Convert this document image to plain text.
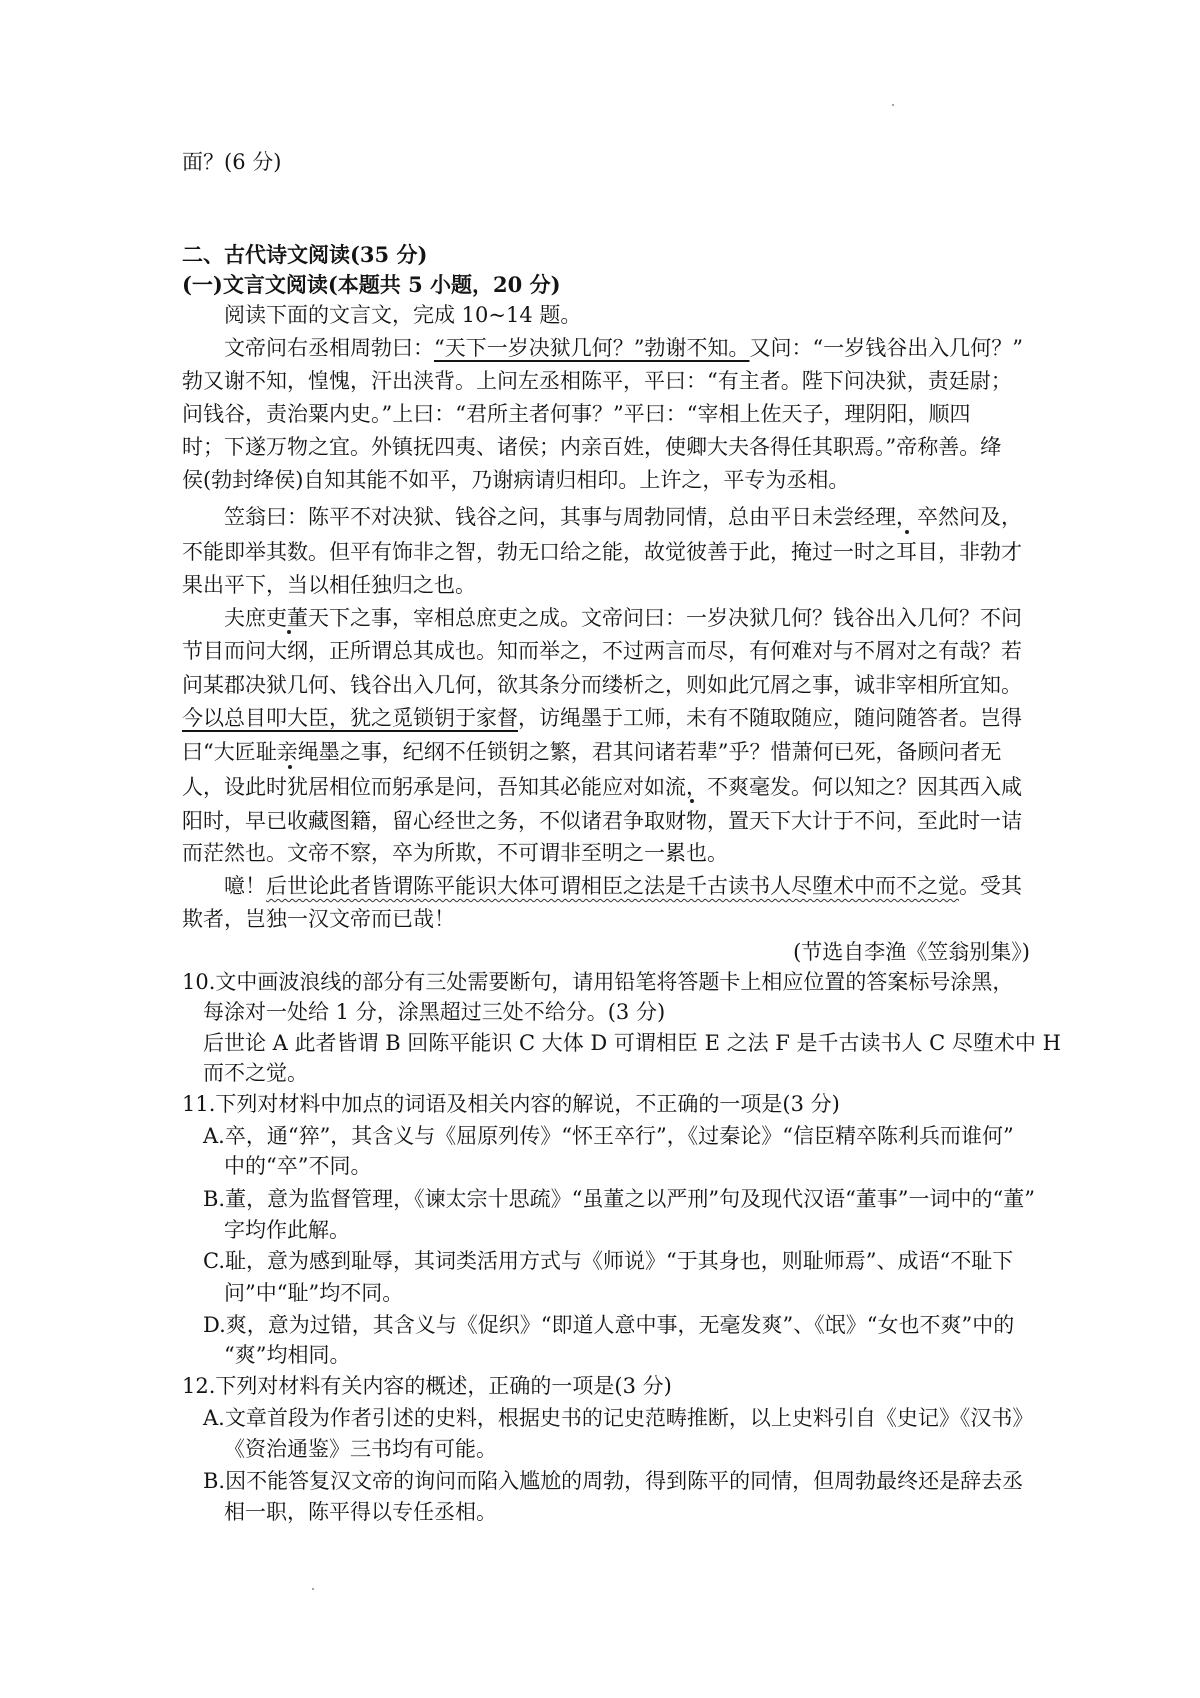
面？(6 分)
二、古代诗文阅读(35 分)
(一)文言文阅读(本题共 5 小题，20 分)
阅读下面的文言文，完成 10~14 题。
文帝问右丞相周勃曰：“天下一岁决狱几何？”勃谢不知。又问：“一岁钱谷出入几何？”
勃又谢不知，惶愧，汗出浃背。上问左丞相陈平，平曰：“有主者。陛下问决狱，责廷尉；
问钱谷，责治粟内史。”上曰：“君所主者何事？”平曰：“宰相上佐天子，理阴阳，顺四
时；下遂万物之宜。外镇抚四夷、诸侯；内亲百姓，使卿大夫各得任其职焉。”帝称善。绛
侯(勃封绛侯)自知其能不如平，乃谢病请归相印。上许之，平专为丞相。
笠翁曰：陈平不对决狱、钱谷之问，其事与周勃同情，总由平日未尝经理，卒然问及，
不能即举其数。但平有饰非之智，勃无口给之能，故觉彼善于此，掩过一时之耳目，非勃才
果出平下，当以相任独归之也。
夫庶吏董天下之事，宰相总庶吏之成。文帝问曰：一岁决狱几何？钱谷出入几何？不问
节目而问大纲，正所谓总其成也。知而举之，不过两言而尽，有何难对与不屑对之有哉？若
问某郡决狱几何、钱谷出入几何，欲其条分而缕析之，则如此冗屑之事，诚非宰相所宜知。
今以总目叩大臣，犹之觅锁钥于家督，访绳墨于工师，未有不随取随应，随问随答者。岂得
曰“大匠耻亲绳墨之事，纪纲不任锁钥之繁，君其问诸若辈”乎？惜萧何已死，备顾问者无
人，设此时犹居相位而躬承是问，吾知其必能应对如流，不爽毫发。何以知之？因其西入咸
阳时，早已收藏图籍，留心经世之务，不似诸君争取财物，置天下大计于不问，至此时一诘
而茫然也。文帝不察，卒为所欺，不可谓非至明之一累也。
噫！后世论此者皆谓陈平能识大体可谓相臣之法是千古读书人尽堕术中而不之觉。受其
欺者，岂独一汉文帝而已哉！
(节选自李渔《笠翁别集》)
10.文中画波浪线的部分有三处需要断句，请用铅笔将答题卡上相应位置的答案标号涂黑，
每涂对一处给 1 分，涂黑超过三处不给分。(3 分)
后世论 A 此者皆谓 B 回陈平能识 C 大体 D 可谓相臣 E 之法 F 是千古读书人 C 尽堕术中 H
而不之觉。
11.下列对材料中加点的词语及相关内容的解说，不正确的一项是(3 分)
A.卒，通“猝”，其含义与《屈原列传》“怀王卒行”，《过秦论》“信臣精卒陈利兵而谁何”
中的“卒”不同。
B.董，意为监督管理，《谏太宗十思疏》“虽董之以严刑”句及现代汉语“董事”一词中的“董”
字均作此解。
C.耻，意为感到耻辱，其词类活用方式与《师说》“于其身也，则耻师焉”、成语“不耻下
问”中“耻”均不同。
D.爽，意为过错，其含义与《促织》“即道人意中事，无毫发爽”、《氓》“女也不爽”中的
“爽”均相同。
12.下列对材料有关内容的概述，正确的一项是(3 分)
A.文章首段为作者引述的史料，根据史书的记史范畴推断，以上史料引自《史记》《汉书》
《资治通鉴》三书均有可能。
B.因不能答复汉文帝的询问而陷入尴尬的周勃，得到陈平的同情，但周勃最终还是辞去丞
相一职，陈平得以专任丞相。
